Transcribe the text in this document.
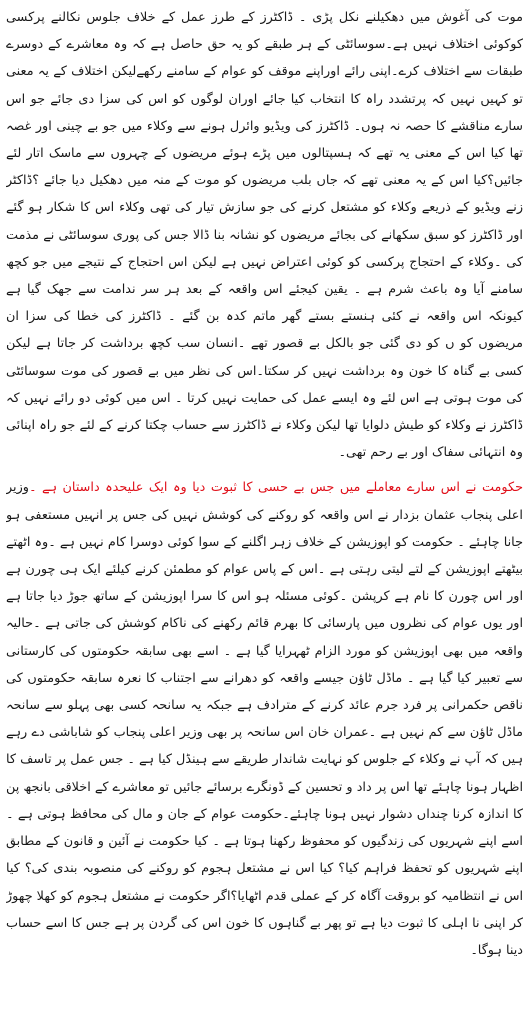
موت کی آغوش میں دھکیلنے نکل پڑی ۔ ڈاکٹرز کے طرز عمل کے خلاف جلوس نکالنے پرکسی کوکوئی اختلاف نہیں ہے۔سوسائٹی کے ہر طبقے کو یہ حق حاصل ہے کہ وہ معاشرے کے دوسرے طبقات سے اختلاف کرے۔اپنی رائے اوراپنے موقف کو عوام کے سامنے رکھےلیکن اختلاف کے یہ معنی تو کہیں نہیں کہ پرتشدد راہ کا انتخاب کیا جائے اوران لوگوں کو اس کی سزا دی جائے جو اس سارے مناقشے کا حصہ نہ ہوں۔ ڈاکٹرز کی ویڈیو وائرل ہونے سے وکلاء میں جو بے چینی اور غصہ تھا کیا اس کے معنی یہ تھے کہ ہسپتالوں میں پڑے ہوئے مریضوں کے چہروں سے ماسک اتار لئے جائیں؟کیا اس کے یہ معنی تھے کہ جاں بلب مریضوں کو موت کے منہ میں دھکیل دیا جائے ؟ڈاکٹر زنے ویڈیو کے ذریعے وکلاء کو مشتعل کرنے کی جو سازش تیار کی تھی وکلاء اس کا شکار ہو گئے اور ڈاکٹرز کو سبق سکھانے کی بجائے مریضوں کو نشانہ بنا ڈالا جس کی پوری سوسائٹی نے مذمت کی ۔وکلاء کے احتجاج پرکسی کو کوئی اعتراض نہیں ہے لیکن اس احتجاج کے نتیجے میں جو کچھ سامنے آیا وہ باعث شرم ہے ۔ یقین کیجئے اس واقعہ کے بعد ہر سر ندامت سے جھک گیا ہے کیونکہ اس واقعہ نے کئی ہنستے بستے گھر ماتم کدہ بن گئے ۔ ڈاکٹرز کی خطا کی سزا ان مریضوں کو ں کو دی گئی جو بالکل بے قصور تھے ۔انسان سب کچھ برداشت کر جاتا ہے لیکن کسی بے گناہ کا خون وہ برداشت نہیں کر سکتا۔اس کی نظر میں بے قصور کی موت سوسائٹی کی موت ہوتی ہے اس لئے وہ ایسے عمل کی حمایت نہیں کرتا ۔ اس میں کوئی دو رائے نہیں کہ ڈاکٹرز نے وکلاء کو طیش دلوایا تھا لیکن وکلاء نے ڈاکٹرز سے حساب چکتا کرنے کے لئے جو راہ اپنائی وہ انتہائی سفاک اور بے رحم تھی۔

حکومت نے اس سارے معاملے میں جس بے حسی کا ثبوت دیا وہ ایک علیحدہ داستان ہے ۔وزیر اعلی پنجاب عثمان بزدار نے اس واقعہ کو روکنے کی کوشش نہیں کی جس پر انہیں مستعفی ہو جانا چاہئے ۔ حکومت کو اپوزیشن کے خلاف زہر اگلنے کے سوا کوئی دوسرا کام نہیں ہے ۔وہ اٹھتے بیٹھتے اپوزیشن کے لتے لیتی رہتی ہے ۔اس کے پاس عوام کو مطمئن کرنے کیلئے ایک ہی چورن ہے اور اس چورن کا نام ہے کرپشن ۔کوئی مسئلہ ہو اس کا سرا اپوزیشن کے ساتھ جوڑ دیا جاتا ہے اور یوں عوام کی نظروں میں پارسائی کا بھرم قائم رکھنے کی ناکام کوشش کی جاتی ہے ۔حالیہ واقعہ میں بھی اپوزیشن کو مورد الزام ٹھہرایا گیا ہے ۔ اسے بھی سابقہ حکومتوں کی کارستانی سے تعبیر کیا گیا ہے ۔ ماڈل ٹاؤن جیسے واقعہ کو دھرانے سے اجتناب کا نعرہ سابقہ حکومتوں کی ناقص حکمرانی پر فرد جرم عائد کرنے کے مترادف ہے جبکہ یہ سانحہ کسی بھی پہلو سے سانحہ ماڈل ٹاؤن سے کم نہیں ہے ۔عمران خان اس سانحہ پر بھی وزیر اعلی پنجاب کو شاباشی دے رہے ہیں کہ آپ نے وکلاء کے جلوس کو نہایت شاندار طریقے سے ہینڈل کیا ہے ۔ جس عمل پر تاسف کا اظہار ہونا چاہئے تھا اس پر داد و تحسین کے ڈونگرے برسائے جائیں تو معاشرے کے اخلاقی بانجھ پن کا اندازہ کرنا چنداں دشوار نہیں ہونا چاہئے۔حکومت عوام کے جان و مال کی محافظ ہوتی ہے ۔اسے اپنے شہریوں کی زندگیوں کو محفوظ رکھنا ہوتا ہے ۔ کیا حکومت نے آئین و قانون کے مطابق اپنے شہریوں کو تحفظ فراہم کیا؟ کیا اس نے مشتعل ہجوم کو روکنے کی منصوبہ بندی کی؟ کیا اس نے انتظامیہ کو بروقت آگاہ کر کے عملی قدم اٹھایا؟اگر حکومت نے مشتعل ہجوم کو کھلا چھوڑ کر اپنی نا اہلی کا ثبوت دیا ہے تو پھر بے گناہوں کا خون اس کی گردن پر ہے جس کا اسے حساب دینا ہوگا۔
